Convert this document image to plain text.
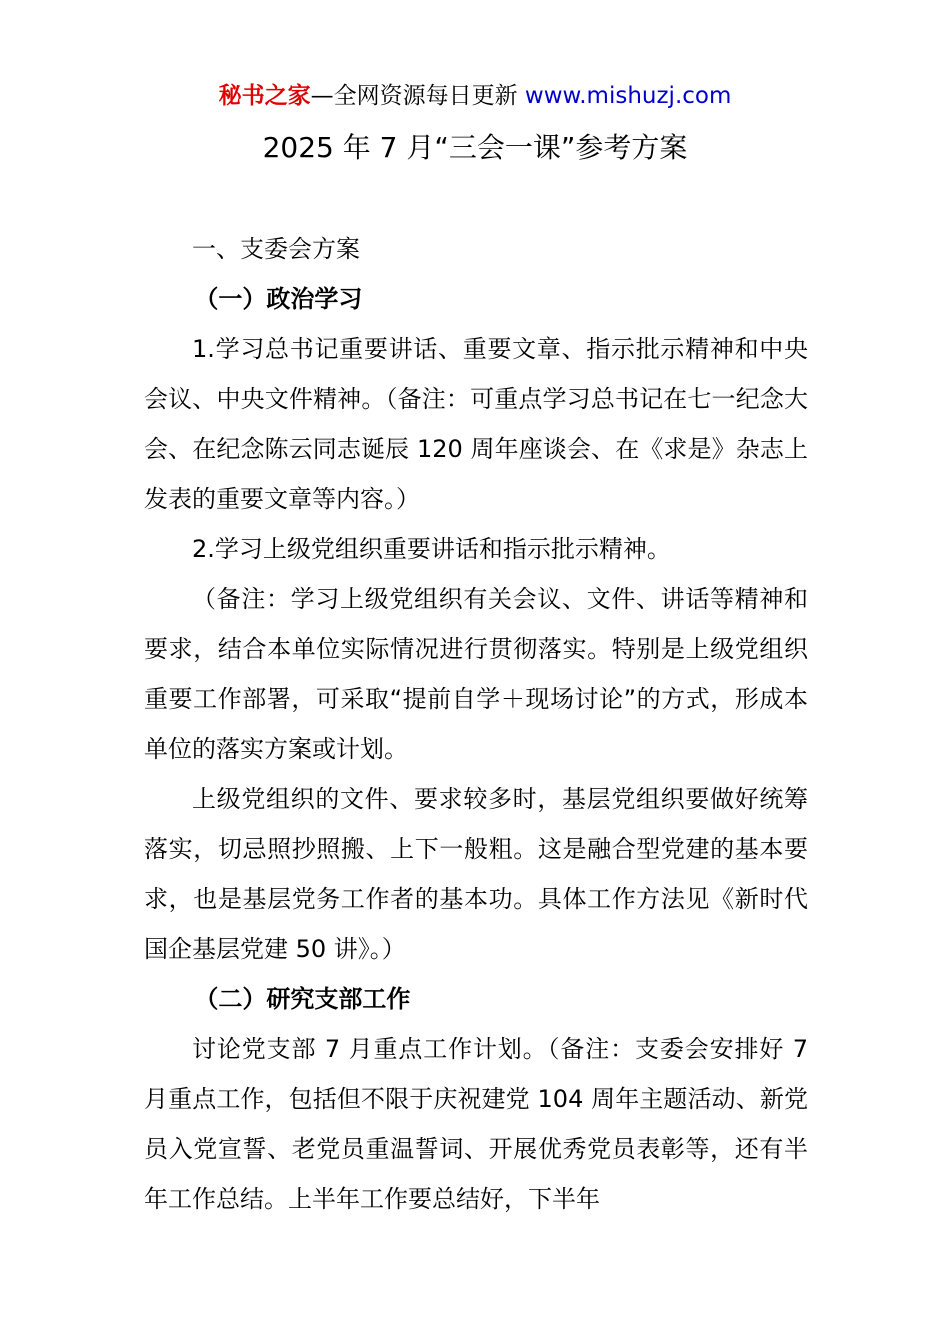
秘书之家—全网资源每日更新 www.mishuzj.com
2025 年 7 月“三会一课”参考方案

一、支委会方案

（一）政治学习

1.学习总书记重要讲话、重要文章、指示批示精神和中央会议、中央文件精神。（备注：可重点学习总书记在七一纪念大会、在纪念陈云同志诞辰 120 周年座谈会、在《求是》杂志上发表的重要文章等内容。）

2.学习上级党组织重要讲话和指示批示精神。

（备注：学习上级党组织有关会议、文件、讲话等精神和要求，结合本单位实际情况进行贯彻落实。特别是上级党组织重要工作部署，可采取“提前自学＋现场讨论”的方式，形成本单位的落实方案或计划。

上级党组织的文件、要求较多时，基层党组织要做好统筹落实，切忌照抄照搬、上下一般粗。这是融合型党建的基本要求，也是基层党务工作者的基本功。具体工作方法见《新时代国企基层党建 50 讲》。）

（二）研究支部工作

讨论党支部 7 月重点工作计划。（备注：支委会安排好 7 月重点工作，包括但不限于庆祝建党 104 周年主题活动、新党员入党宣誓、老党员重温誓词、开展优秀党员表彰等，还有半年工作总结。上半年工作要总结好，下半年
